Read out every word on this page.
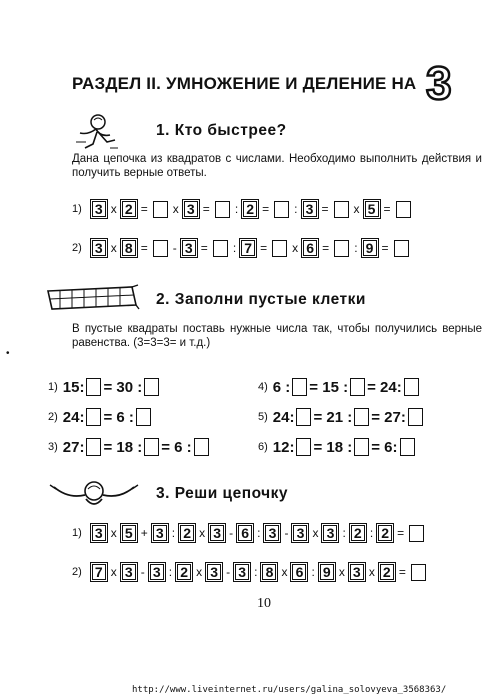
РАЗДЕЛ II. УМНОЖЕНИЕ И ДЕЛЕНИЕ НА 3
1. Кто быстрее?
Дана цепочка из квадратов с числами. Необходимо выполнить действия и получить верные ответы.
1) 3 x 2 = x 3 = : 2 = : 3 = x 5 =
2) 3 x 8 = - 3 = : 7 = x 6 = : 9 =
2. Заполни пустые клетки
В пустые квадраты поставь нужные числа так, чтобы получились верные равенства. (3=3=3= и т.д.)
•
1) 15: = 30 :
2) 24: = 6 :
3) 27: = 18 : = 6 :
4) 6 : = 15 : = 24:
5) 24: = 21 : = 27:
6) 12: = 18 : = 6:
3. Реши цепочку
1) 3 x 5 + 3 : 2 x 3 - 6 : 3 - 3 x 3 : 2 : 2 =
2) 7 x 3 - 3 : 2 x 3 - 3 : 8 x 6 : 9 x 3 x 2 =
10
http://www.liveinternet.ru/users/galina_solovyeva_3568363/
